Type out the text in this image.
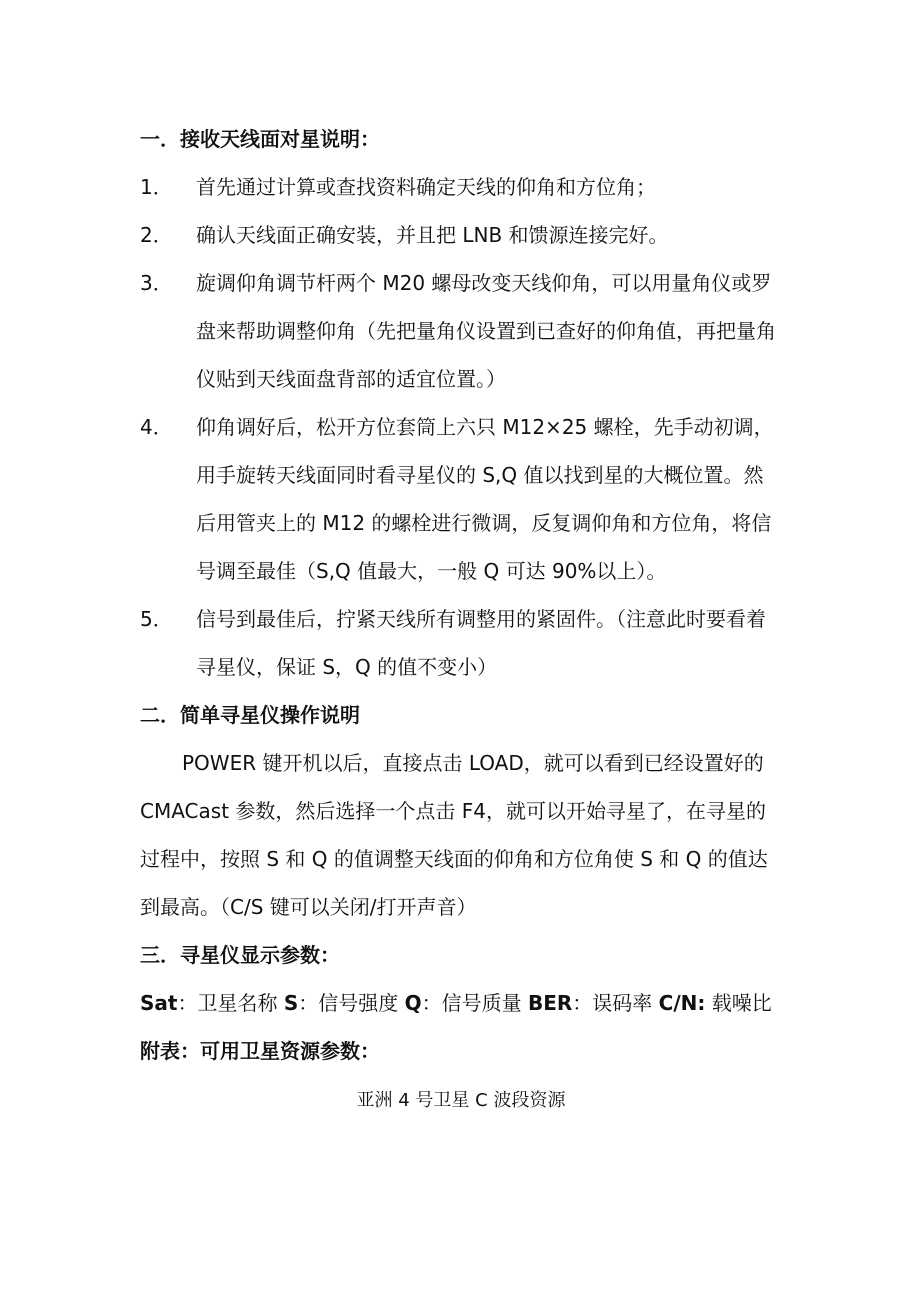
一．接收天线面对星说明：

1．	首先通过计算或查找资料确定天线的仰角和方位角；
2．	确认天线面正确安装，并且把 LNB 和馈源连接完好。
3．	旋调仰角调节杆两个 M20 螺母改变天线仰角，可以用量角仪或罗盘来帮助调整仰角（先把量角仪设置到已查好的仰角值，再把量角仪贴到天线面盘背部的适宜位置。）
4．	仰角调好后，松开方位套筒上六只 M12×25 螺栓，先手动初调，用手旋转天线面同时看寻星仪的 S,Q 值以找到星的大概位置。然后用管夹上的 M12 的螺栓进行微调，反复调仰角和方位角，将信号调至最佳（S,Q 值最大，一般 Q 可达 90%以上）。
5．	信号到最佳后，拧紧天线所有调整用的紧固件。（注意此时要看着寻星仪，保证 S，Q 的值不变小）

二．简单寻星仪操作说明

POWER 键开机以后，直接点击 LOAD，就可以看到已经设置好的 CMACast 参数，然后选择一个点击 F4，就可以开始寻星了，在寻星的过程中，按照 S 和 Q 的值调整天线面的仰角和方位角使 S 和 Q 的值达到最高。（C/S 键可以关闭/打开声音）

三．寻星仪显示参数：

Sat：卫星名称 S：信号强度 Q：信号质量 BER：误码率 C/N: 载噪比

附表：可用卫星资源参数：

亚洲 4 号卫星 C 波段资源
